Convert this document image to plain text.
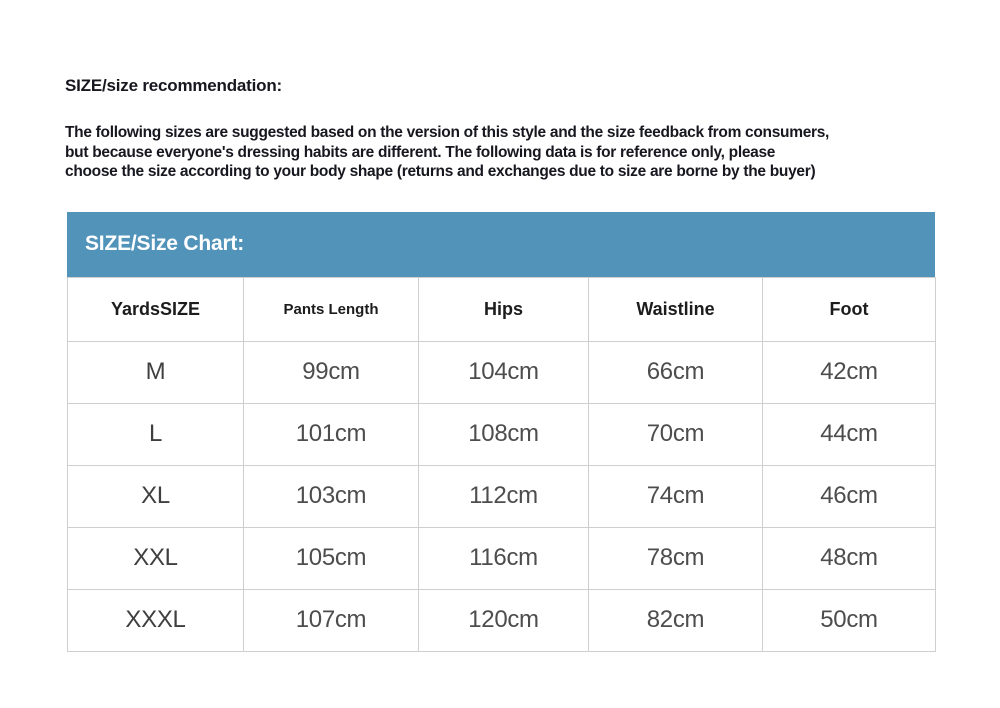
SIZE/size recommendation:
The following sizes are suggested based on the version of this style and the size feedback from consumers,
but because everyone's dressing habits are different. The following data is for reference only, please
choose the size according to your body shape (returns and exchanges due to size are borne by the buyer)
SIZE/Size Chart:
YardsSIZE	Pants Length	Hips	Waistline	Foot
M	99cm	104cm	66cm	42cm
L	101cm	108cm	70cm	44cm
XL	103cm	112cm	74cm	46cm
XXL	105cm	116cm	78cm	48cm
XXXL	107cm	120cm	82cm	50cm
